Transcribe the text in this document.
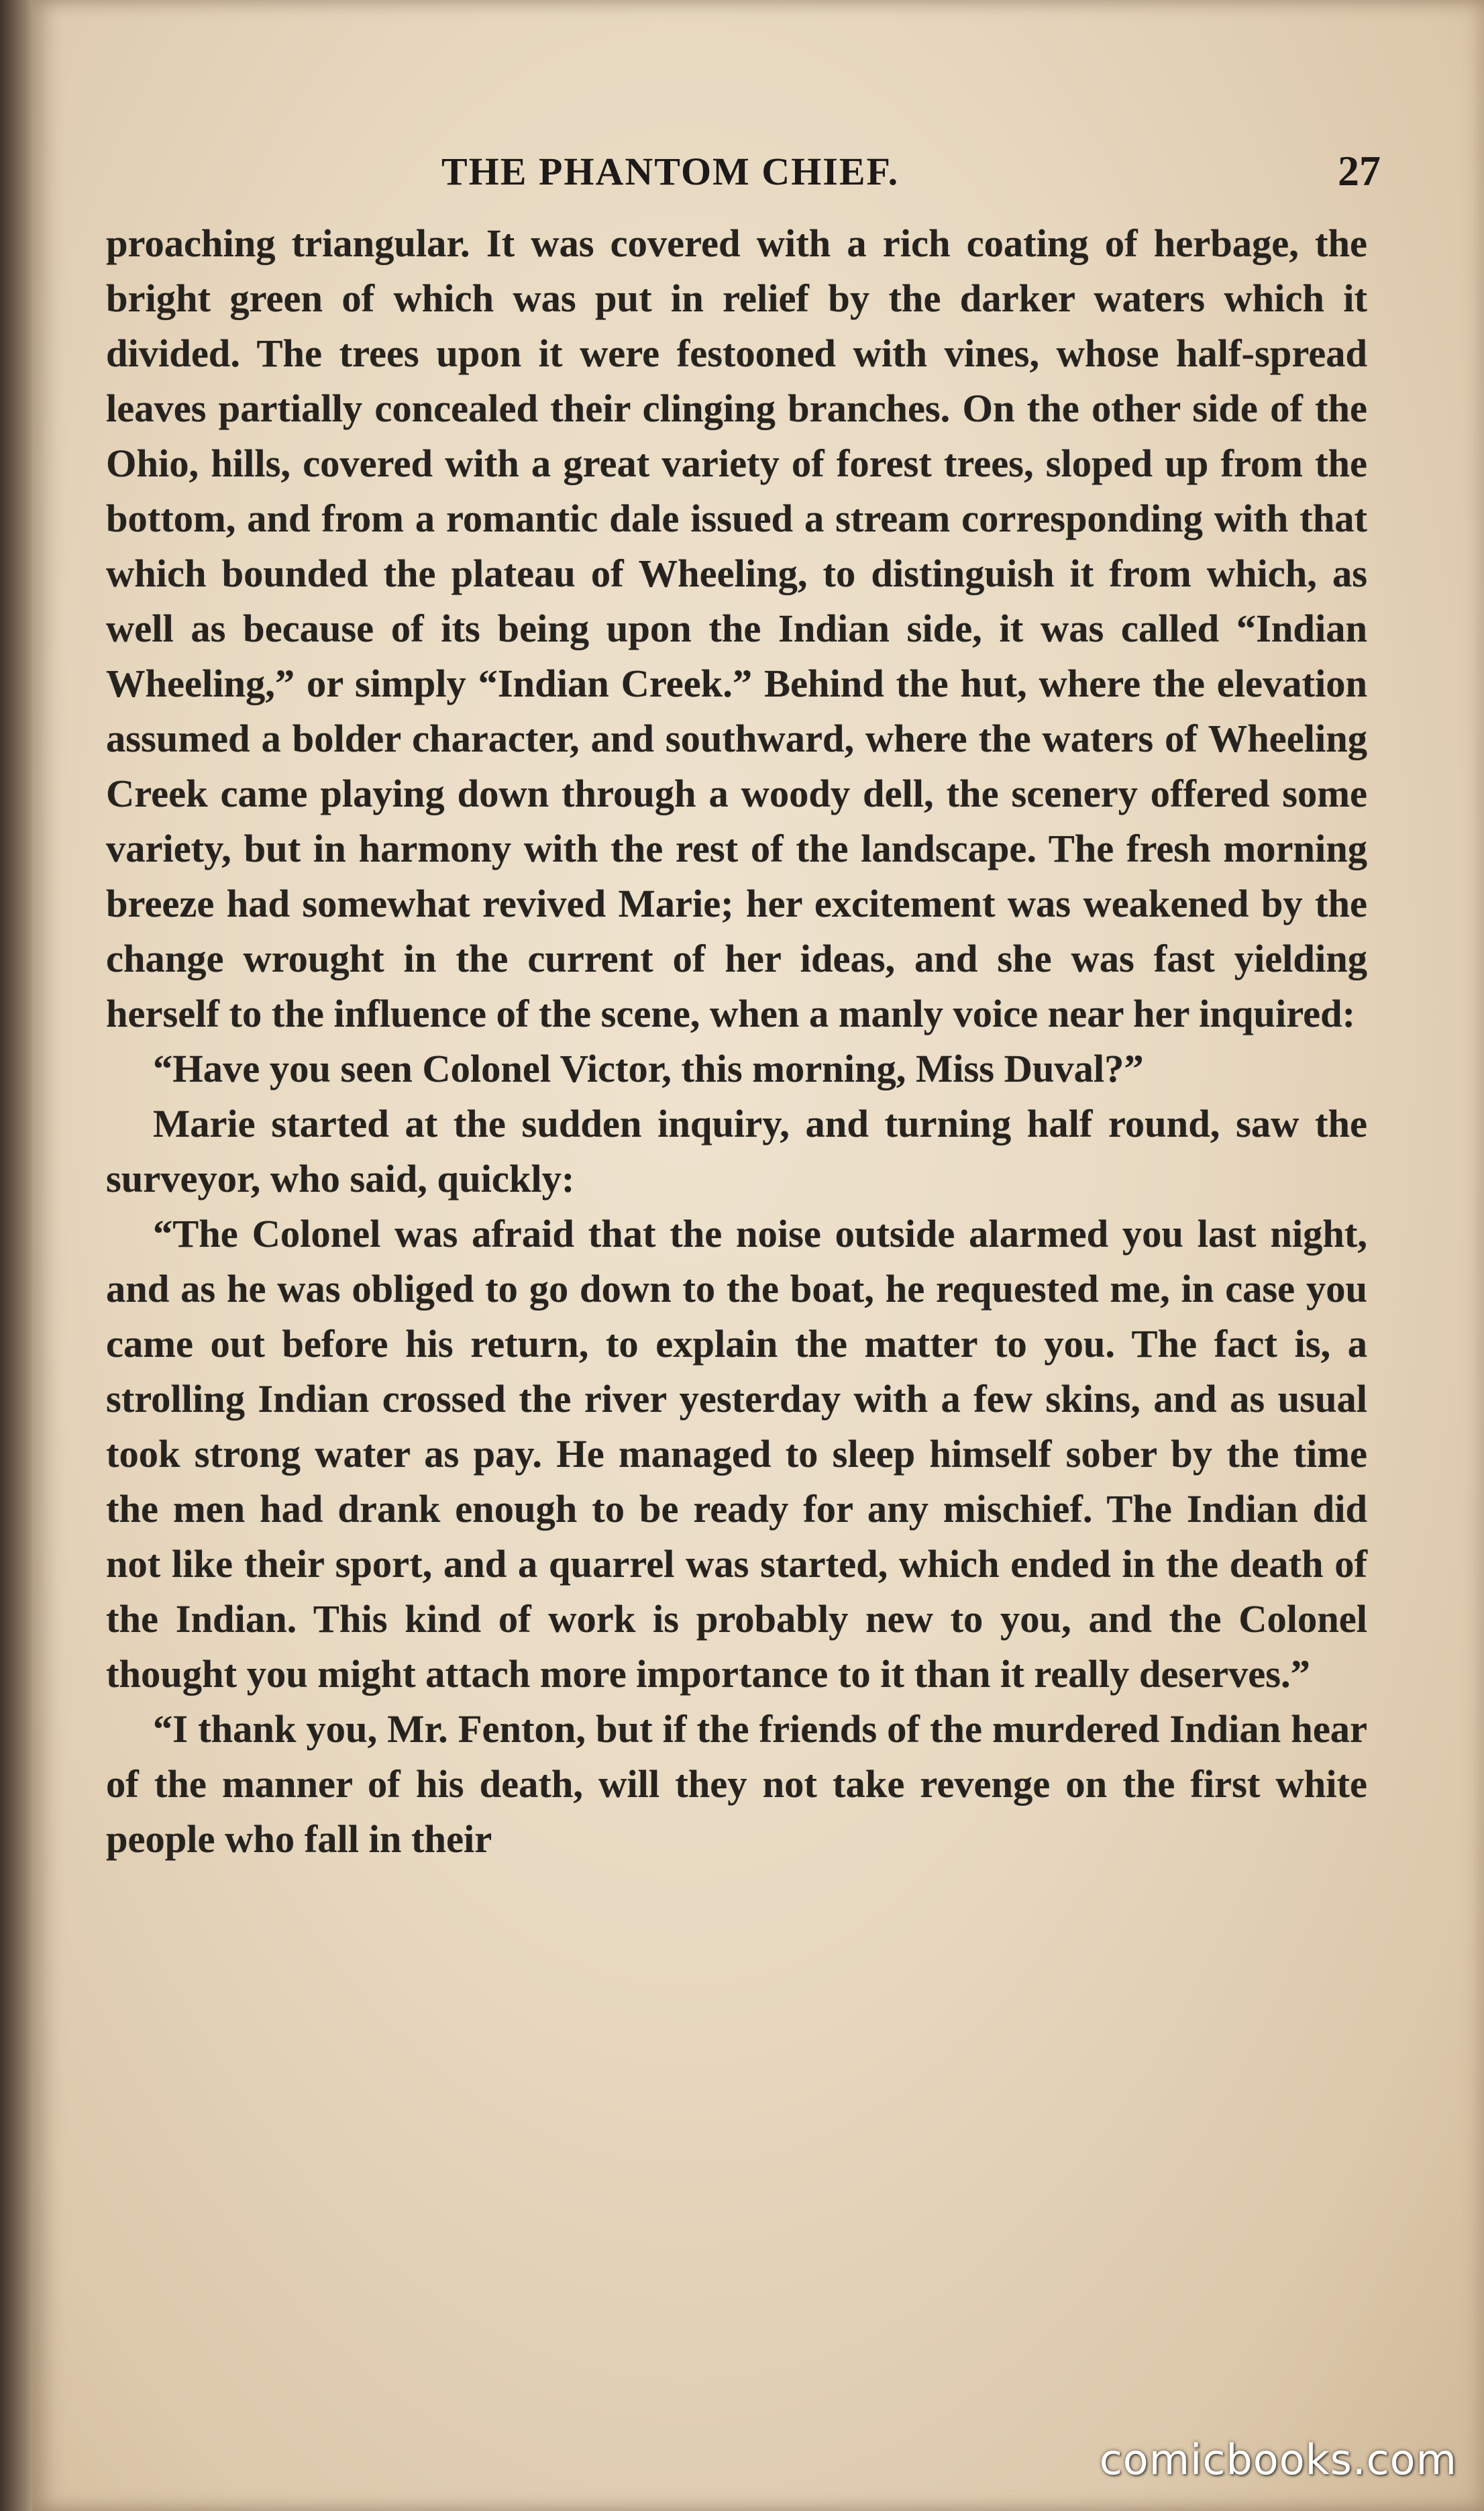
THE PHANTOM CHIEF.	27

proaching triangular. It was covered with a rich coating of herbage, the bright green of which was put in relief by the darker waters which it divided. The trees upon it were festooned with vines, whose half-spread leaves partially concealed their clinging branches. On the other side of the Ohio, hills, covered with a great variety of forest trees, sloped up from the bottom, and from a romantic dale issued a stream corresponding with that which bounded the plateau of Wheeling, to distinguish it from which, as well as because of its being upon the Indian side, it was called “Indian Wheeling,” or simply “Indian Creek.” Behind the hut, where the elevation assumed a bolder character, and southward, where the waters of Wheeling Creek came playing down through a woody dell, the scenery offered some variety, but in harmony with the rest of the landscape. The fresh morning breeze had somewhat revived Marie; her excitement was weakened by the change wrought in the current of her ideas, and she was fast yielding herself to the influence of the scene, when a manly voice near her inquired:

“Have you seen Colonel Victor, this morning, Miss Duval?”

Marie started at the sudden inquiry, and turning half round, saw the surveyor, who said, quickly:

“The Colonel was afraid that the noise outside alarmed you last night, and as he was obliged to go down to the boat, he requested me, in case you came out before his return, to explain the matter to you. The fact is, a strolling Indian crossed the river yesterday with a few skins, and as usual took strong water as pay. He managed to sleep himself sober by the time the men had drank enough to be ready for any mischief. The Indian did not like their sport, and a quarrel was started, which ended in the death of the Indian. This kind of work is probably new to you, and the Colonel thought you might attach more importance to it than it really deserves.”

“I thank you, Mr. Fenton, but if the friends of the murdered Indian hear of the manner of his death, will they not take revenge on the first white people who fall in their

comicbooks.com
